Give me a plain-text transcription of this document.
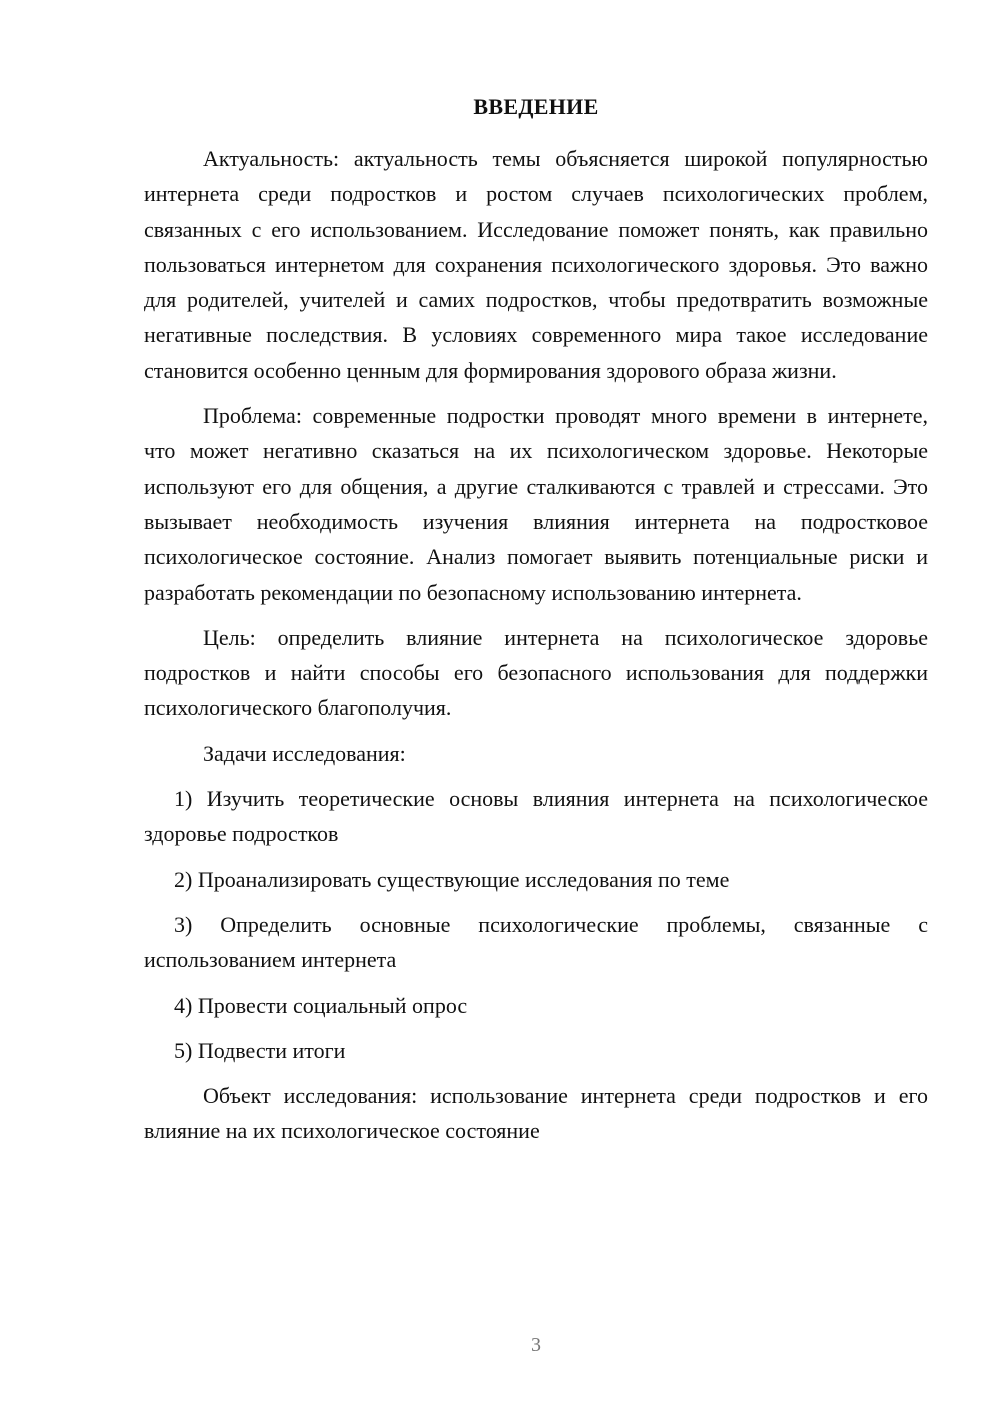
ВВЕДЕНИЕ

Актуальность: актуальность темы объясняется широкой популярностью интернета среди подростков и ростом случаев психологических проблем, связанных с его использованием. Исследование поможет понять, как правильно пользоваться интернетом для сохранения психологического здоровья. Это важно для родителей, учителей и самих подростков, чтобы предотвратить возможные негативные последствия. В условиях современного мира такое исследование становится особенно ценным для формирования здорового образа жизни.

Проблема: современные подростки проводят много времени в интернете, что может негативно сказаться на их психологическом здоровье. Некоторые используют его для общения, а другие сталкиваются с травлей и стрессами. Это вызывает необходимость изучения влияния интернета на подростковое психологическое состояние. Анализ помогает выявить потенциальные риски и разработать рекомендации по безопасному использованию интернета.

Цель: определить влияние интернета на психологическое здоровье подростков и найти способы его безопасного использования для поддержки психологического благополучия.

Задачи исследования:

1) Изучить теоретические основы влияния интернета на психологическое здоровье подростков

2) Проанализировать существующие исследования по теме

3) Определить основные психологические проблемы, связанные с использованием интернета

4) Провести социальный опрос

5) Подвести итоги

Объект исследования: использование интернета среди подростков и его влияние на их психологическое состояние

3
